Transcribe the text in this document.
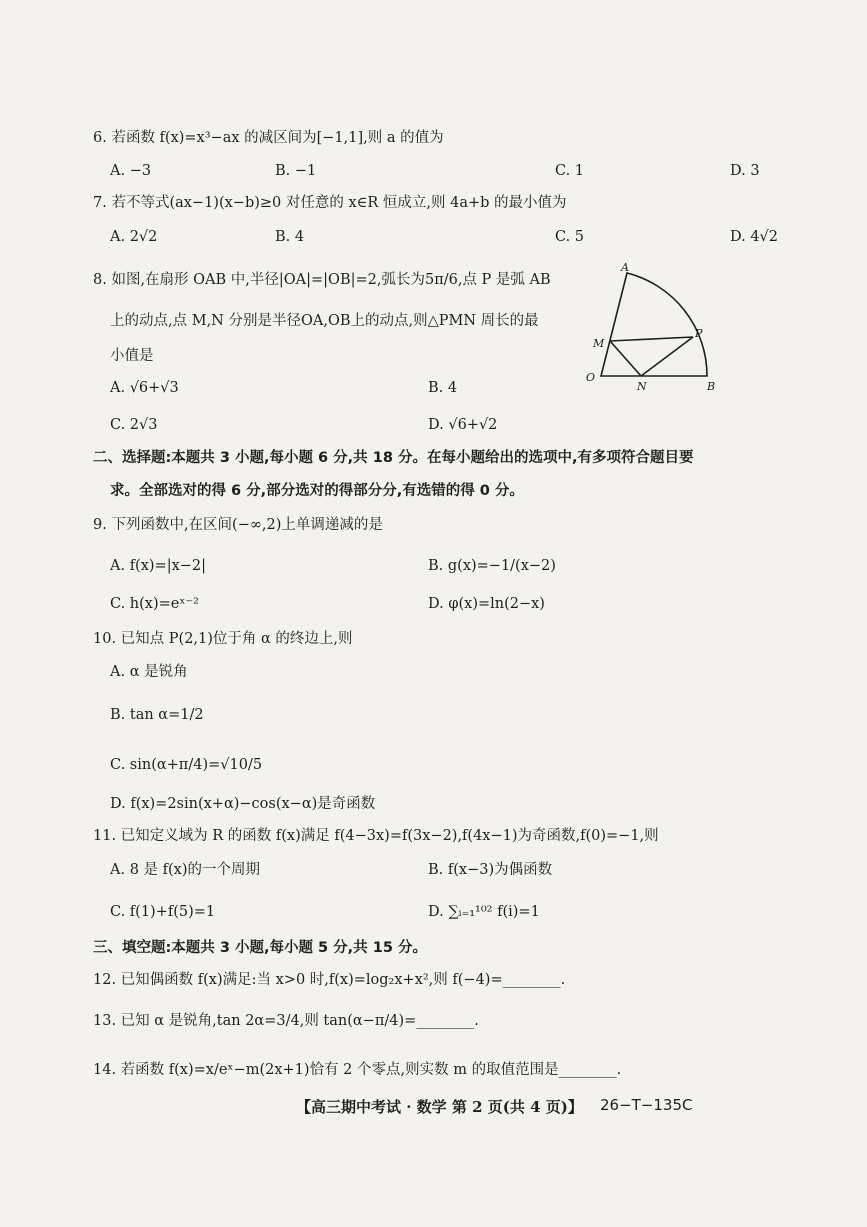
6. 若函数 f(x)=x³−ax 的减区间为[−1,1],则 a 的值为
A. −3	B. −1	C. 1	D. 3
7. 若不等式(ax−1)(x−b)≥0 对任意的 x∈R 恒成立,则 4a+b 的最小值为
A. 2√2	B. 4	C. 5	D. 4√2
8. 如图,在扇形 OAB 中,半径|OA|=|OB|=2,弧长为5π/6,点 P 是弧 AB
上的动点,点 M,N 分别是半径OA,OB上的动点,则△PMN 周长的最
小值是
A. √6+√3	B. 4
C. 2√3	D. √6+√2
A
B
O
M
N
P
二、选择题:本题共 3 小题,每小题 6 分,共 18 分。在每小题给出的选项中,有多项符合题目要
求。全部选对的得 6 分,部分选对的得部分分,有选错的得 0 分。
9. 下列函数中,在区间(−∞,2)上单调递减的是
A. f(x)=|x−2|	B. g(x)=−1/(x−2)
C. h(x)=eˣ⁻²	D. φ(x)=ln(2−x)
10. 已知点 P(2,1)位于角 α 的终边上,则
A. α 是锐角
B. tan α=1/2
C. sin(α+π/4)=√10/5
D. f(x)=2sin(x+α)−cos(x−α)是奇函数
11. 已知定义域为 R 的函数 f(x)满足 f(4−3x)=f(3x−2),f(4x−1)为奇函数,f(0)=−1,则
A. 8 是 f(x)的一个周期	B. f(x−3)为偶函数
C. f(1)+f(5)=1	D. ∑ᵢ₌₁¹⁰² f(i)=1
三、填空题:本题共 3 小题,每小题 5 分,共 15 分。
12. 已知偶函数 f(x)满足:当 x>0 时,f(x)=log₂x+x²,则 f(−4)=________.
13. 已知 α 是锐角,tan 2α=3/4,则 tan(α−π/4)=________.
14. 若函数 f(x)=x/eˣ−m(2x+1)恰有 2 个零点,则实数 m 的取值范围是________.
【高三期中考试 · 数学 第 2 页(共 4 页)】 26−T−135C
